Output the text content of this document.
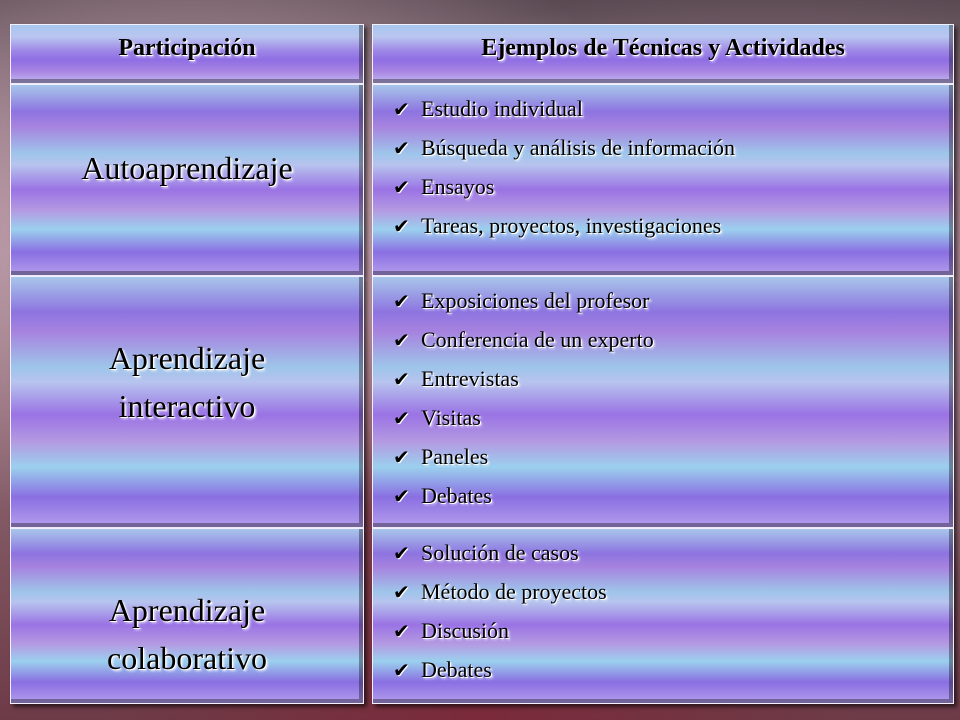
Participación	Ejemplos de Técnicas y Actividades
Autoaprendizaje
✔ Estudio individual
✔ Búsqueda y análisis de información
✔ Ensayos
✔ Tareas, proyectos, investigaciones
Aprendizaje
interactivo
✔ Exposiciones del profesor
✔ Conferencia de un experto
✔ Entrevistas
✔ Visitas
✔ Paneles
✔ Debates
Aprendizaje
colaborativo
✔ Solución de casos
✔ Método de proyectos
✔ Discusión
✔ Debates
